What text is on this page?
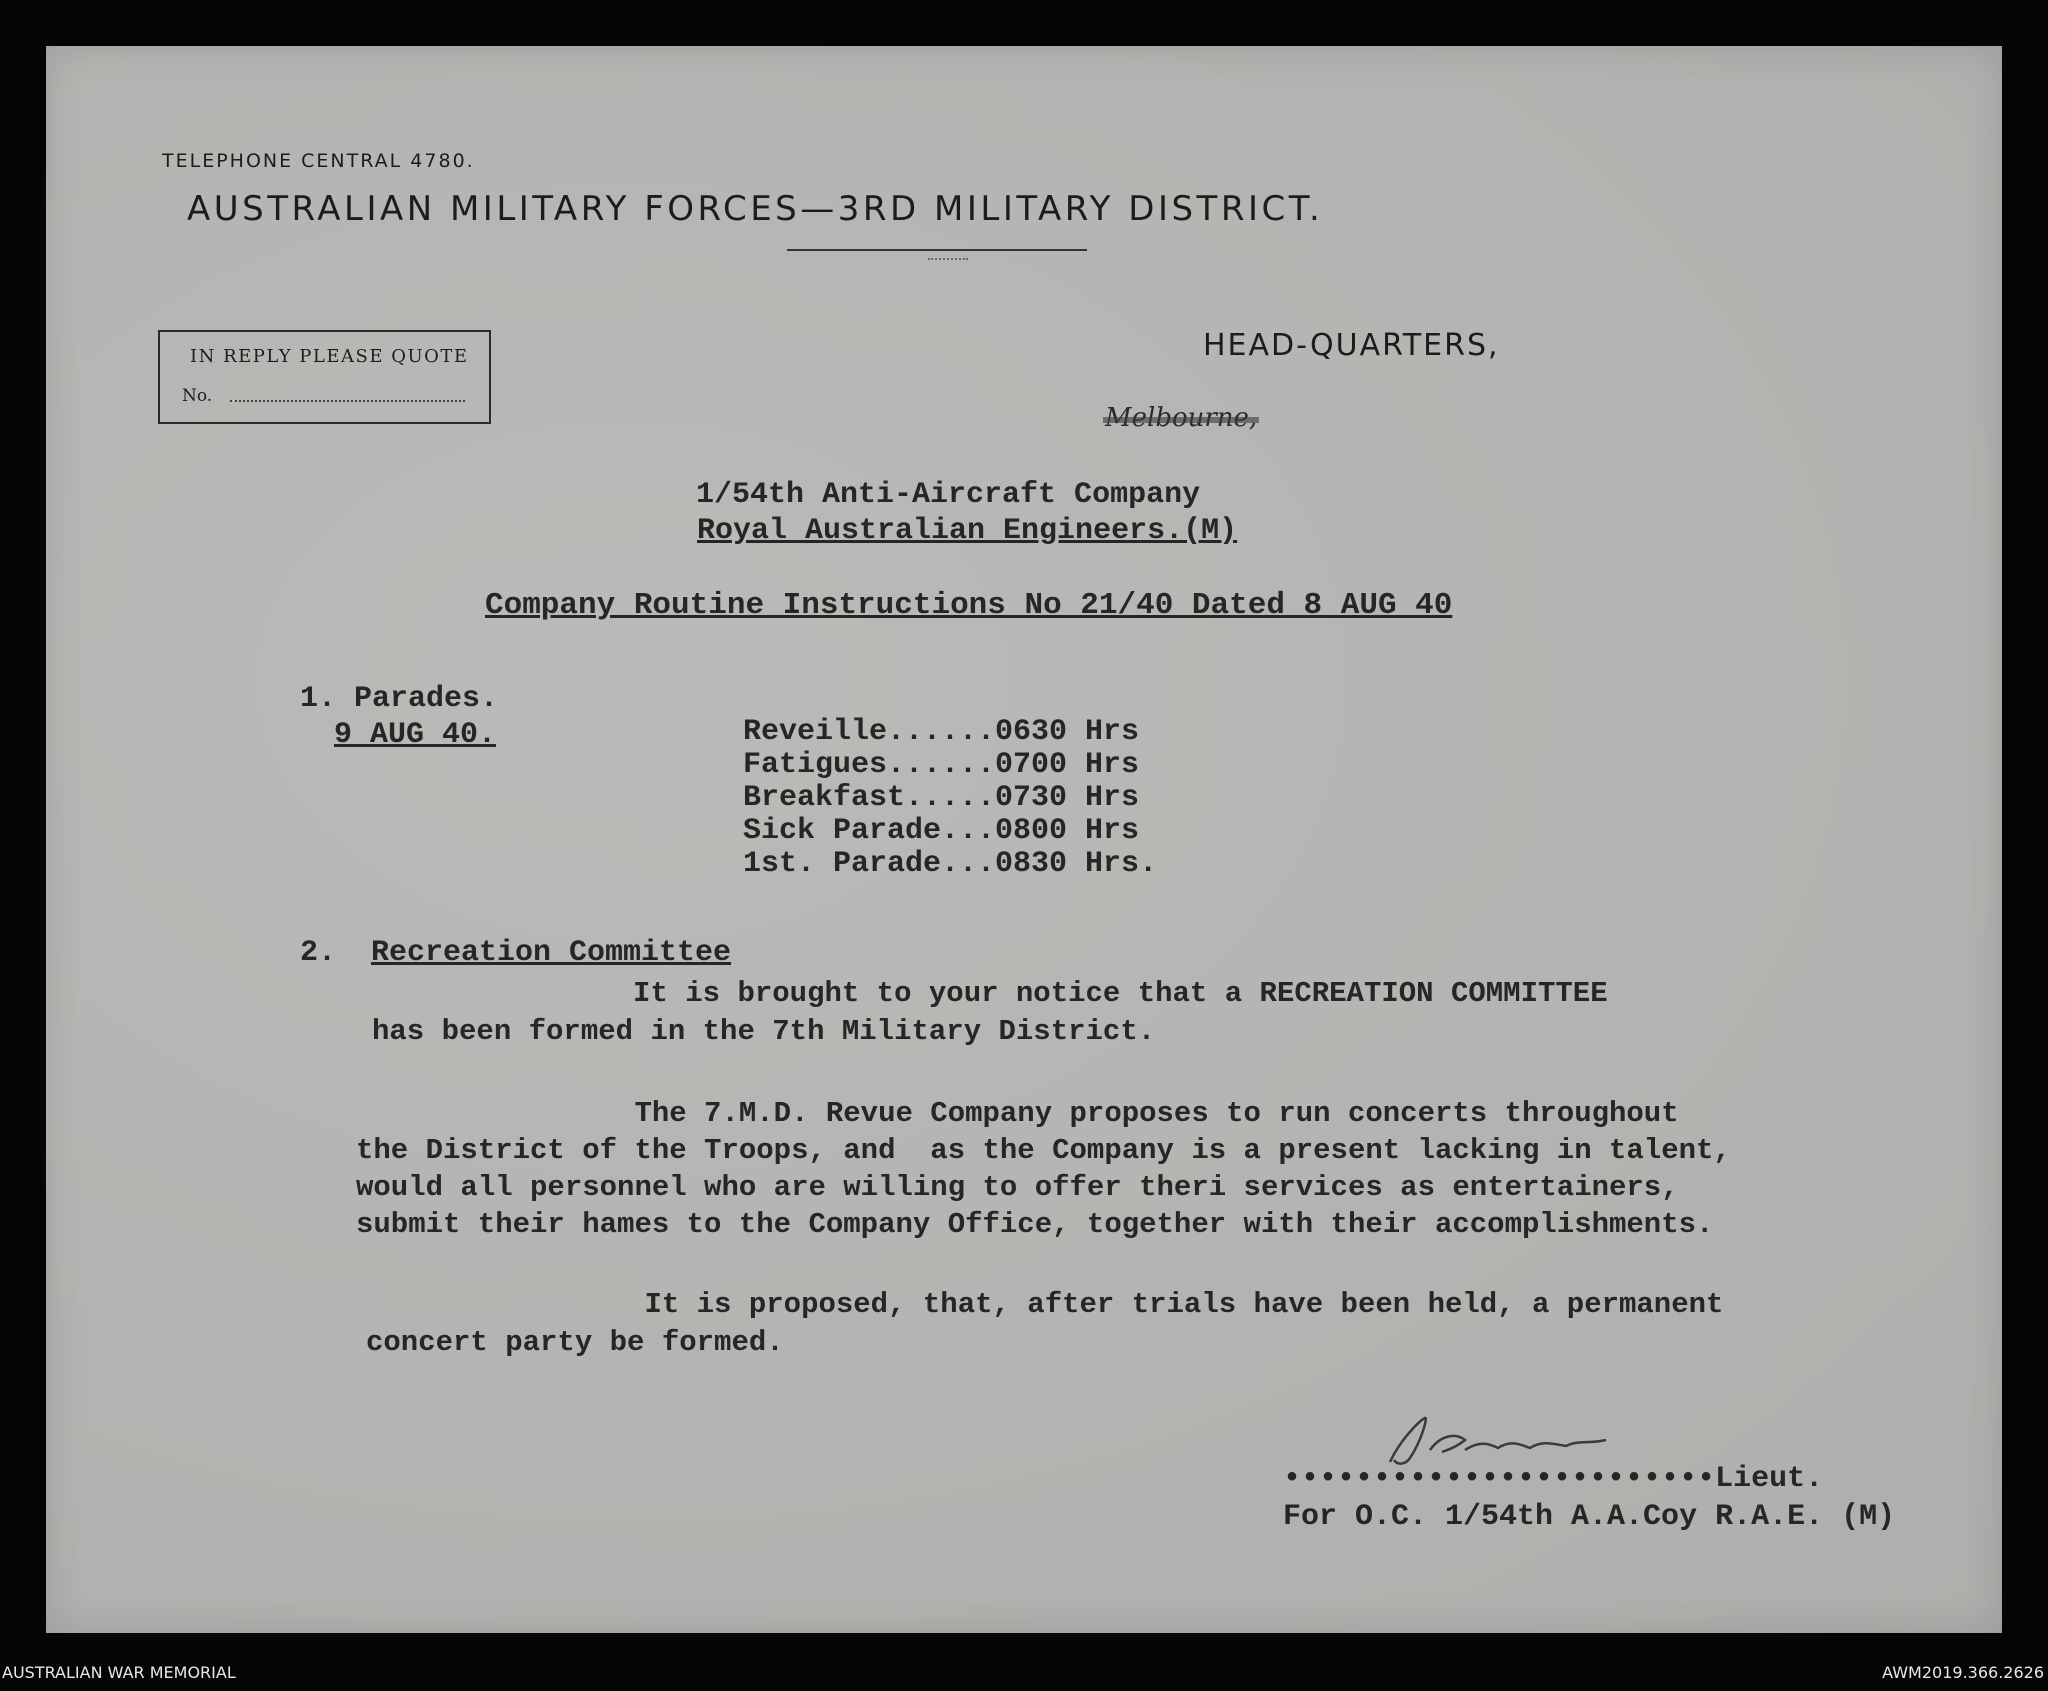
TELEPHONE CENTRAL 4780.
AUSTRALIAN MILITARY FORCES—3RD MILITARY DISTRICT.
IN REPLY PLEASE QUOTE
No.
HEAD-QUARTERS,
1/54th Anti-Aircraft Company
Royal Australian Engineers.(M)
Company Routine Instructions No 21/40 Dated 8 AUG 40
1. Parades.
9 AUG 40.	Reveille......0630 Hrs
Fatigues......0700 Hrs
Breakfast.....0730 Hrs
Sick Parade...0800 Hrs
1st. Parade...0830 Hrs.
2. Recreation Committee
It is brought to your notice that a RECREATION COMMITTEE
has been formed in the 7th Military District.
The 7.M.D. Revue Company proposes to run concerts throughout
the District of the Troops, and  as the Company is a present lacking in talent,
would all personnel who are willing to offer theri services as entertainers,
submit their hames to the Company Office, together with their accomplishments.
It is proposed, that, after trials have been held, a permanent
concert party be formed.
••••••••••••••••••••••••Lieut.
For O.C. 1/54th A.A.Coy R.A.E. (M)
AUSTRALIAN WAR MEMORIAL	AWM2019.366.2626
